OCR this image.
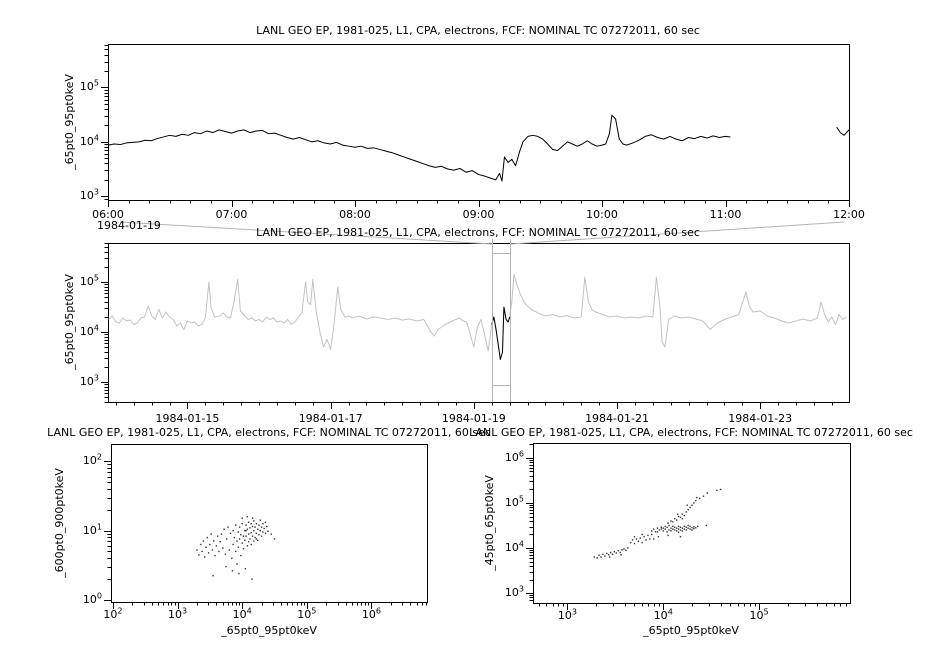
LANL GEO EP, 1981-025, L1, CPA, electrons, FCF: NOMINAL TC 07272011, 60 sec
LANL GEO EP, 1981-025, L1, CPA, electrons, FCF: NOMINAL TC 07272011, 60 sec
LANL GEO EP, 1981-025, L1, CPA, electrons, FCF: NOMINAL TC 07272011, 60 sec
LANL GEO EP, 1981-025, L1, CPA, electrons, FCF: NOMINAL TC 07272011, 60 sec
_65pt0_95pt0keV
_65pt0_95pt0keV
_600pt0_900pt0keV	_45pt0_65pt0keV
_65pt0_95pt0keV	_65pt0_95pt0keV
1984-01-19
06:00	07:00	08:00	09:00	10:00	11:00	12:00
$10^3$
$10^4$
$10^5$
1984-01-15	1984-01-17	1984-01-19	1984-01-21	1984-01-23
$10^3$
$10^4$
$10^5$
$10^2$	$10^3$	$10^4$	$10^5$	$10^6$
$10^0$
$10^1$
$10^2$
$10^3$	$10^4$	$10^5$
$10^3$
$10^4$
$10^5$
$10^6$
